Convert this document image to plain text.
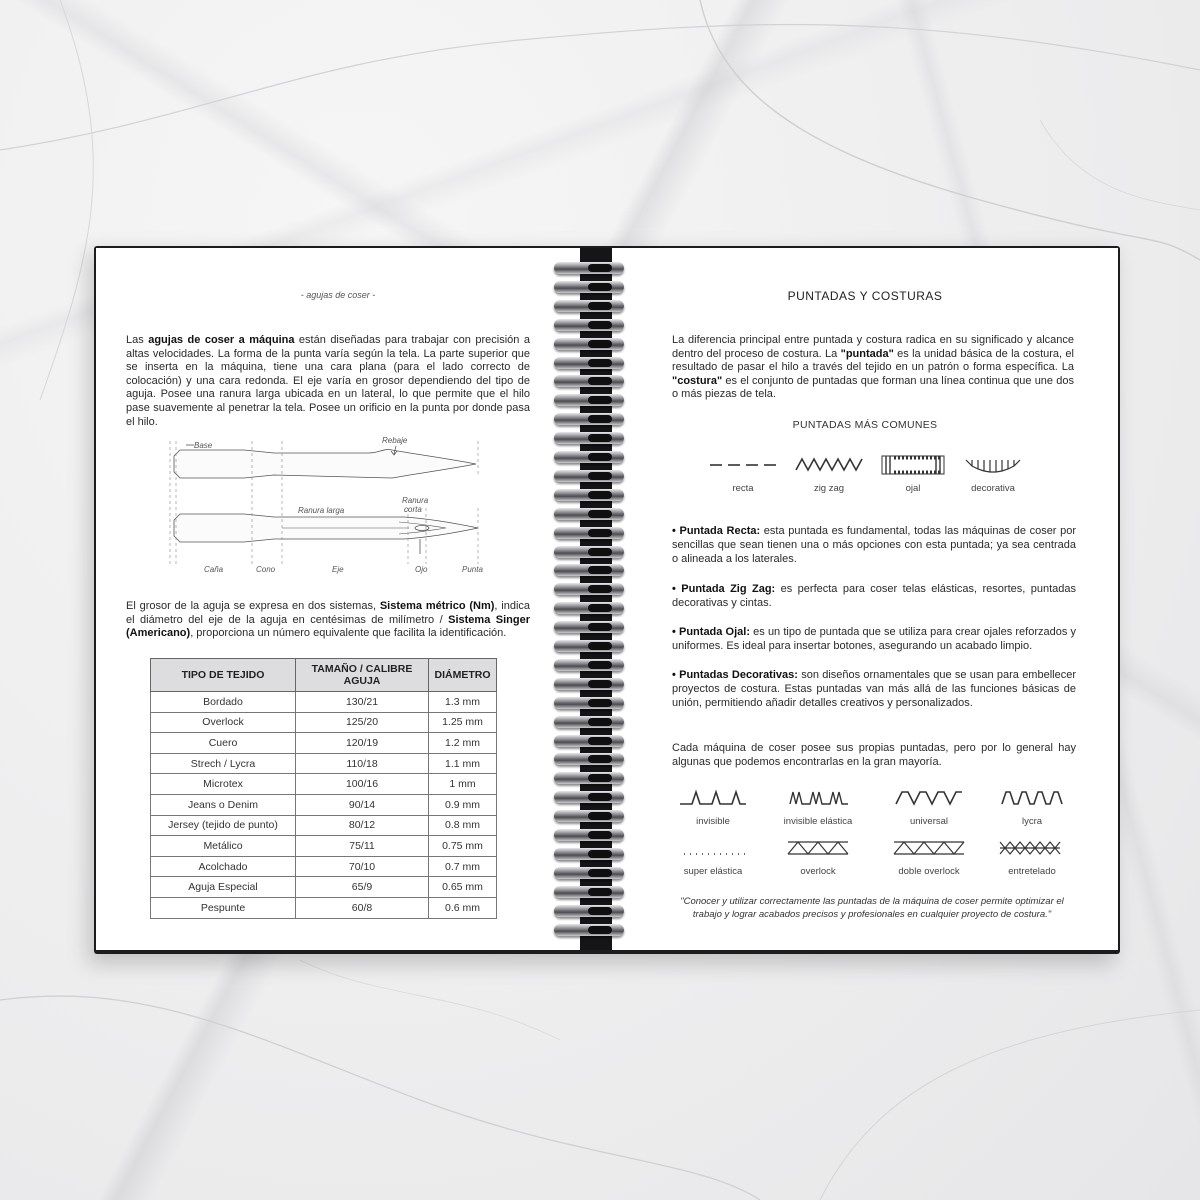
- agujas de coser -
Las agujas de coser a máquina están diseñadas para trabajar con precisión a altas velocidades. La forma de la punta varía según la tela. La parte superior que se inserta en la máquina, tiene una cara plana (para el lado correcto de colocación) y una cara redonda. El eje varía en grosor dependiendo del tipo de aguja. Posee una ranura larga ubicada en un lateral, lo que permite que el hilo pase suavemente al penetrar la tela. Posee un orificio en la punta por donde pasa el hilo.
Base
Rebaje
Ranura larga
Ranura
corta
Caña	Cono	Eje	Ojo	Punta
El grosor de la aguja se expresa en dos sistemas, Sistema métrico (Nm), indica el diámetro del eje de la aguja en centésimas de milímetro / Sistema Singer (Americano), proporciona un número equivalente que facilita la identificación.
TIPO DE TEJIDO	TAMAÑO / CALIBRE AGUJA	DIÁMETRO
Bordado	130/21	1.3 mm
Overlock	125/20	1.25 mm
Cuero	120/19	1.2 mm
Strech / Lycra	110/18	1.1 mm
Microtex	100/16	1 mm
Jeans o Denim	90/14	0.9 mm
Jersey (tejido de punto)	80/12	0.8 mm
Metálico	75/11	0.75 mm
Acolchado	70/10	0.7 mm
Aguja Especial	65/9	0.65 mm
Pespunte	60/8	0.6 mm
PUNTADAS Y COSTURAS
La diferencia principal entre puntada y costura radica en su significado y alcance dentro del proceso de costura. La "puntada" es la unidad básica de la costura, el resultado de pasar el hilo a través del tejido en un patrón o forma específica. La "costura" es el conjunto de puntadas que forman una línea continua que une dos o más piezas de tela.
PUNTADAS MÁS COMUNES
recta	zig zag	ojal	decorativa
• Puntada Recta: esta puntada es fundamental, todas las máquinas de coser por sencillas que sean tienen una o más opciones con esta puntada; ya sea centrada o alineada a los laterales.
• Puntada Zig Zag: es perfecta para coser telas elásticas, resortes, puntadas decorativas y cintas.
• Puntada Ojal: es un tipo de puntada que se utiliza para crear ojales reforzados y uniformes. Es ideal para insertar botones, asegurando un acabado limpio.
• Puntadas Decorativas: son diseños ornamentales que se usan para embellecer proyectos de costura. Estas puntadas van más allá de las funciones básicas de unión, permitiendo añadir detalles creativos y personalizados.
Cada máquina de coser posee sus propias puntadas, pero por lo general hay algunas que podemos encontrarlas en la gran mayoría.
invisible	invisible elástica	universal	lycra
super elástica	overlock	doble overlock	entretelado
"Conocer y utilizar correctamente las puntadas de la máquina de coser permite optimizar el trabajo y lograr acabados precisos y profesionales en cualquier proyecto de costura."
